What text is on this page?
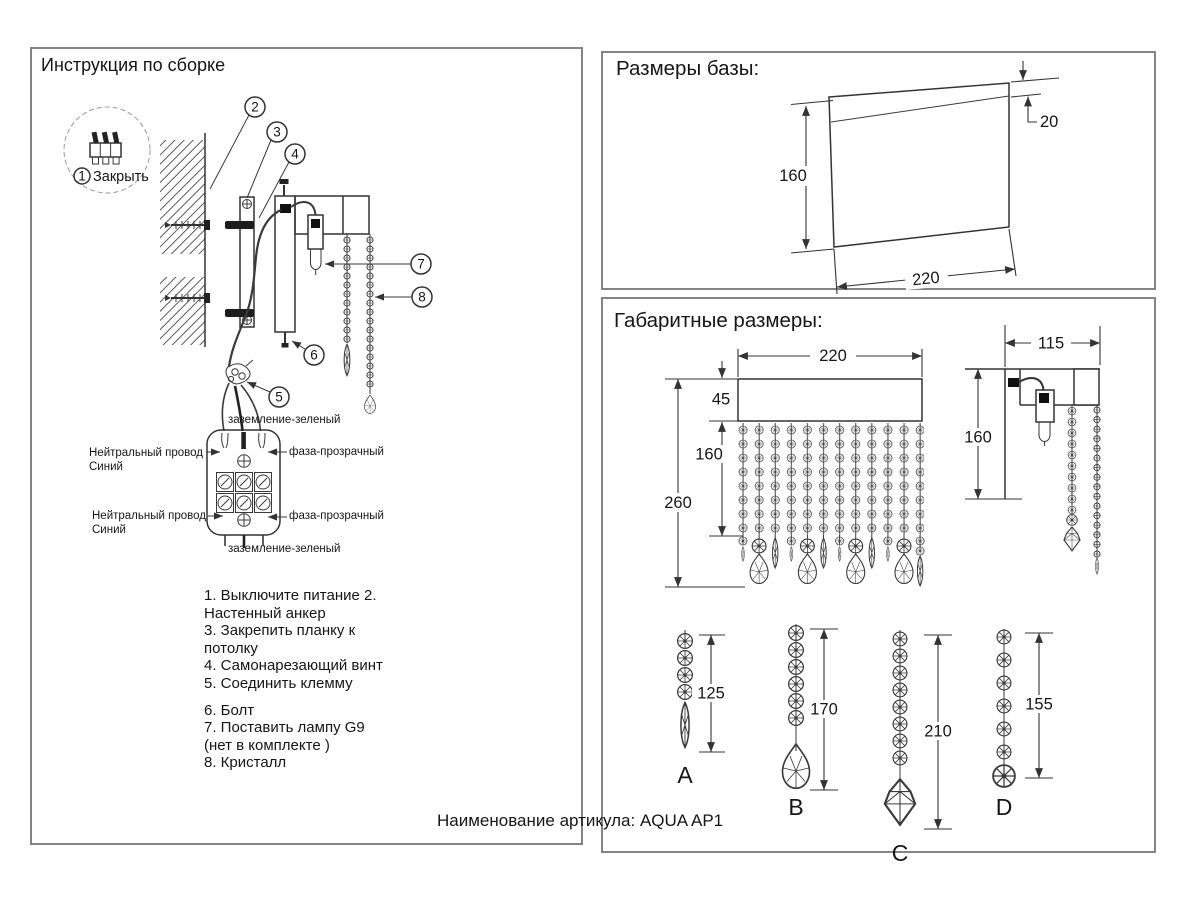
1 Закрыть
заземление-зеленый
Нейтральный провод
Синий
фаза-прозрачный
Нейтральный провод
Синий
фаза-прозрачный
заземление-зеленый
2
3
4
7
8
6
5
Инструкция по сборке
1. Выключите питание 2.
Настенный анкер
3. Закрепить планку к
потолку
4. Самонарезающий винт
5. Соединить клемму
6. Болт
7. Поставить лампу G9
(нет в комплекте )
8. Кристалл
160
220
20
Размеры базы:
220
45
160
260
115
160
125
A
170
B
210
C
155
D
Габаритные размеры:
Наименование артикула: AQUA AP1
